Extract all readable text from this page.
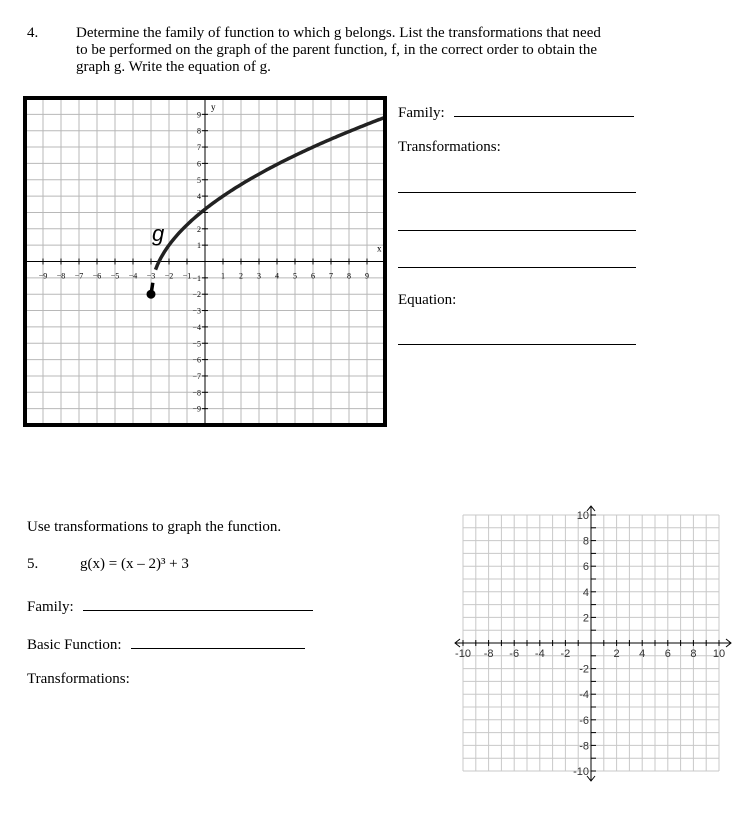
4.	Determine the family of function to which g belongs. List the transformations that need
to be performed on the graph of the parent function, f, in the correct order to obtain the
graph g. Write the equation of g.
−9 −8 −7 −6 −5 −4 −3 −2 −1	1 2 3 4 5 6 7 8 9
9
8
7
6
5
4
3
2
1
−1
−2
−3
−4
−5
−6
−7
−8
−9
y
x
g
Family:
Transformations:
Equation:
Use transformations to graph the function.
5.	g(x) = (x – 2)³ + 3
Family:
Basic Function:
Transformations:
-10 -8 -6 -4 -2	2 4 6 8 10
10
8
6
4
2
-2
-4
-6
-8
-10
